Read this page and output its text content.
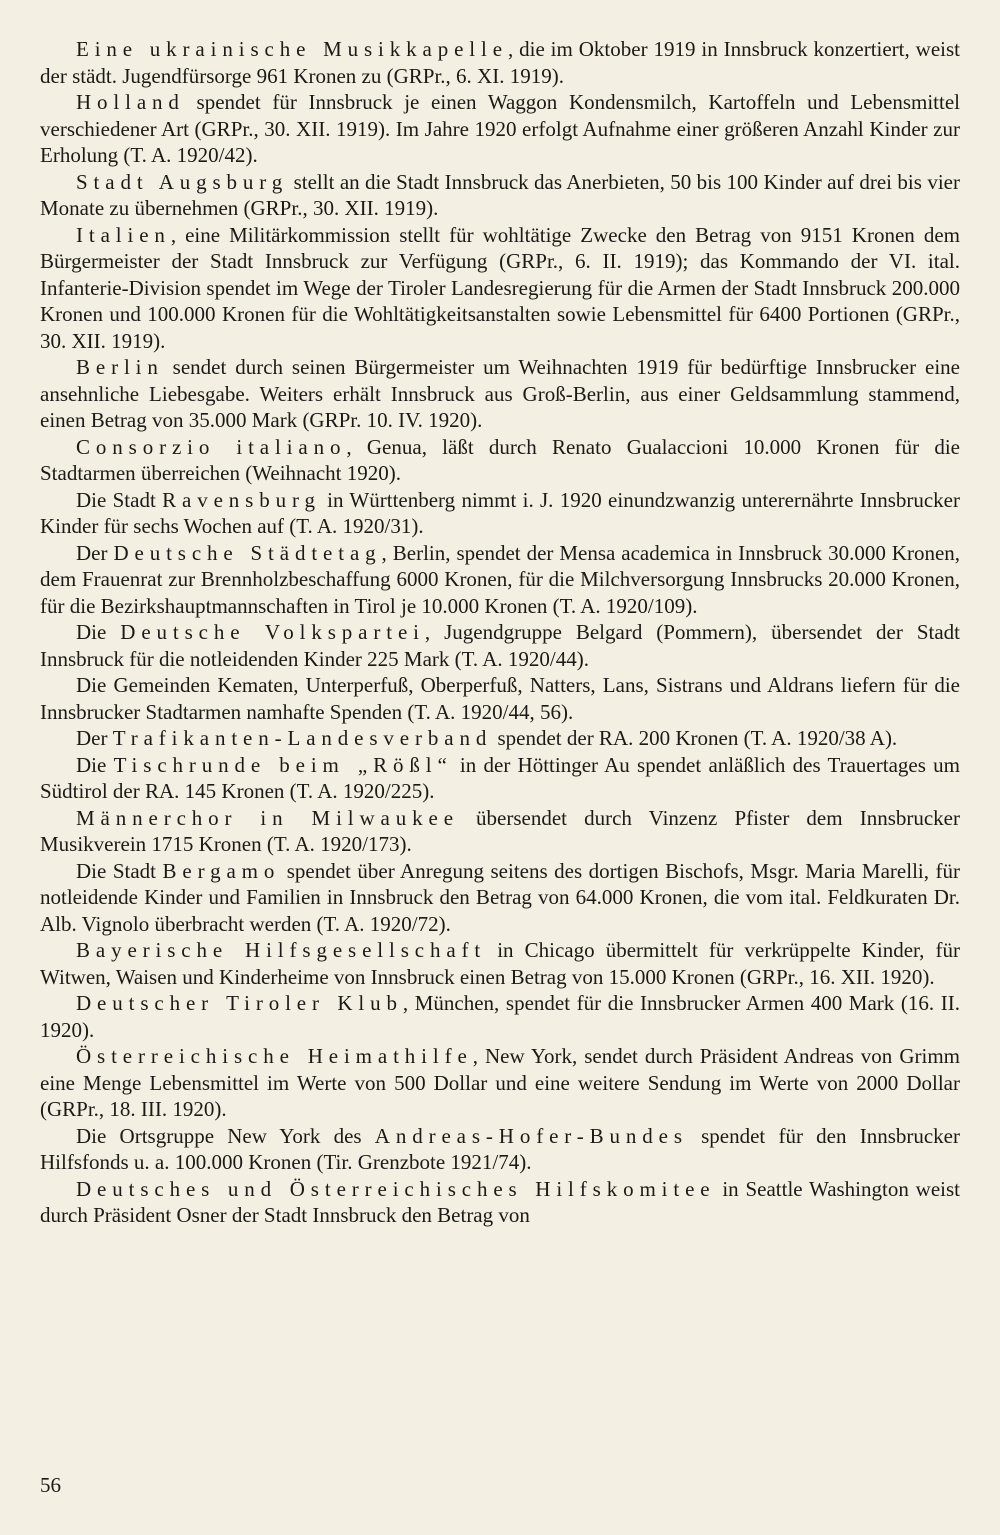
Eine ukrainische Musikkapelle, die im Oktober 1919 in Innsbruck konzertiert, weist der städt. Jugendfürsorge 961 Kronen zu (GRPr., 6. XI. 1919).

Holland spendet für Innsbruck je einen Waggon Kondensmilch, Kartoffeln und Lebensmittel verschiedener Art (GRPr., 30. XII. 1919). Im Jahre 1920 erfolgt Aufnahme einer größeren Anzahl Kinder zur Erholung (T. A. 1920/42).

Stadt Augsburg stellt an die Stadt Innsbruck das Anerbieten, 50 bis 100 Kinder auf drei bis vier Monate zu übernehmen (GRPr., 30. XII. 1919).

Italien, eine Militärkommission stellt für wohltätige Zwecke den Betrag von 9151 Kronen dem Bürgermeister der Stadt Innsbruck zur Verfügung (GRPr., 6. II. 1919); das Kommando der VI. ital. Infanterie-Division spendet im Wege der Tiroler Landesregierung für die Armen der Stadt Innsbruck 200.000 Kronen und 100.000 Kronen für die Wohltätigkeitsanstalten sowie Lebensmittel für 6400 Portionen (GRPr., 30. XII. 1919).

Berlin sendet durch seinen Bürgermeister um Weihnachten 1919 für bedürftige Innsbrucker eine ansehnliche Liebesgabe. Weiters erhält Innsbruck aus Groß-Berlin, aus einer Geldsammlung stammend, einen Betrag von 35.000 Mark (GRPr. 10. IV. 1920).

Consorzio italiano, Genua, läßt durch Renato Gualaccioni 10.000 Kronen für die Stadtarmen überreichen (Weihnacht 1920).

Die Stadt Ravensburg in Württenberg nimmt i. J. 1920 einundzwanzig unterernährte Innsbrucker Kinder für sechs Wochen auf (T. A. 1920/31).

Der Deutsche Städtetag, Berlin, spendet der Mensa academica in Innsbruck 30.000 Kronen, dem Frauenrat zur Brennholzbeschaffung 6000 Kronen, für die Milchversorgung Innsbrucks 20.000 Kronen, für die Bezirkshauptmannschaften in Tirol je 10.000 Kronen (T. A. 1920/109).

Die Deutsche Volkspartei, Jugendgruppe Belgard (Pommern), übersendet der Stadt Innsbruck für die notleidenden Kinder 225 Mark (T. A. 1920/44).

Die Gemeinden Kematen, Unterperfuß, Oberperfuß, Natters, Lans, Sistrans und Aldrans liefern für die Innsbrucker Stadtarmen namhafte Spenden (T. A. 1920/44, 56).

Der Trafikanten-Landesverband spendet der RA. 200 Kronen (T. A. 1920/38 A).

Die Tischrunde beim „Rößl“ in der Höttinger Au spendet anläßlich des Trauertages um Südtirol der RA. 145 Kronen (T. A. 1920/225).

Männerchor in Milwaukee übersendet durch Vinzenz Pfister dem Innsbrucker Musikverein 1715 Kronen (T. A. 1920/173).

Die Stadt Bergamo spendet über Anregung seitens des dortigen Bischofs, Msgr. Maria Marelli, für notleidende Kinder und Familien in Innsbruck den Betrag von 64.000 Kronen, die vom ital. Feldkuraten Dr. Alb. Vignolo überbracht werden (T. A. 1920/72).

Bayerische Hilfsgesellschaft in Chicago übermittelt für verkrüppelte Kinder, für Witwen, Waisen und Kinderheime von Innsbruck einen Betrag von 15.000 Kronen (GRPr., 16. XII. 1920).

Deutscher Tiroler Klub, München, spendet für die Innsbrucker Armen 400 Mark (16. II. 1920).

Österreichische Heimathilfe, New York, sendet durch Präsident Andreas von Grimm eine Menge Lebensmittel im Werte von 500 Dollar und eine weitere Sendung im Werte von 2000 Dollar (GRPr., 18. III. 1920).

Die Ortsgruppe New York des Andreas-Hofer-Bundes spendet für den Innsbrucker Hilfsfonds u. a. 100.000 Kronen (Tir. Grenzbote 1921/74).

Deutsches und Österreichisches Hilfskomitee in Seattle Washington weist durch Präsident Osner der Stadt Innsbruck den Betrag von

56
